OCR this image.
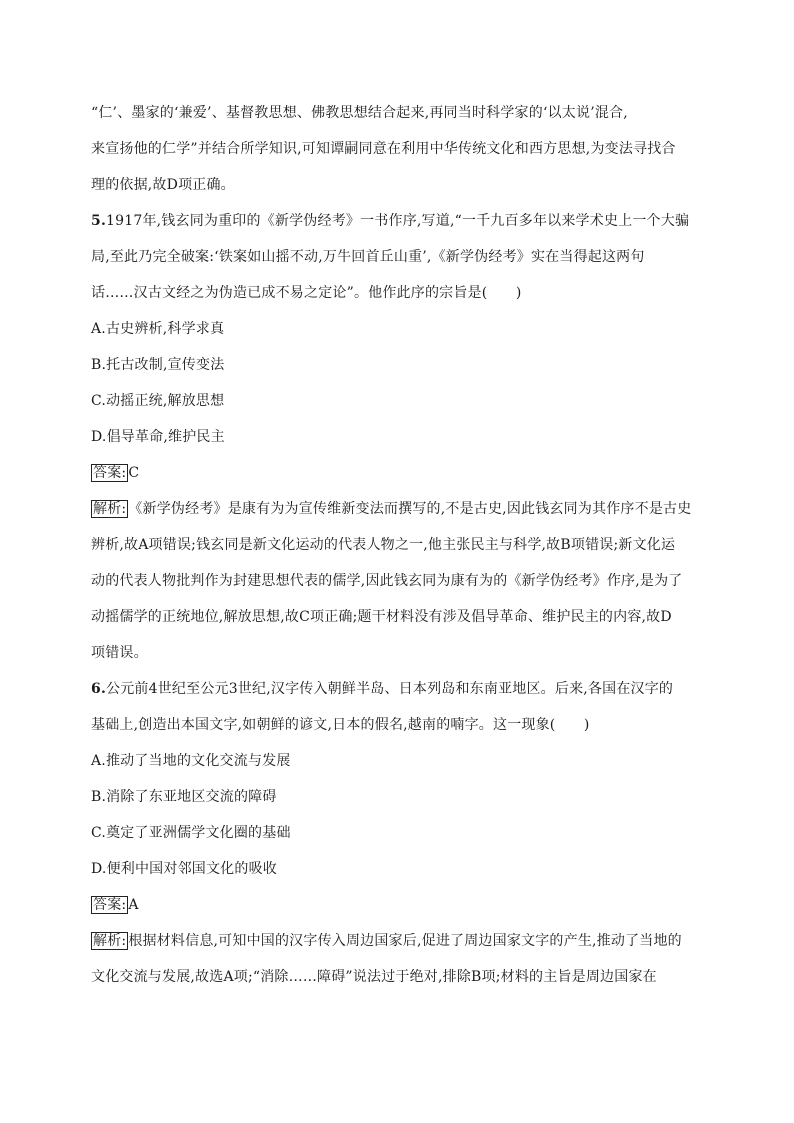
“仁’、墨家的‘兼爱’、基督教思想、佛教思想结合起来,再同当时科学家的‘以太说’混合,
来宣扬他的仁学”并结合所学知识,可知谭嗣同意在利用中华传统文化和西方思想,为变法寻找合
理的依据,故D项正确。
5.1917年,钱玄同为重印的《新学伪经考》一书作序,写道,“一千九百多年以来学术史上一个大骗
局,至此乃完全破案:‘铁案如山摇不动,万牛回首丘山重’,《新学伪经考》实在当得起这两句
话……汉古文经之为伪造已成不易之定论”。他作此序的宗旨是(　　)
A.古史辨析,科学求真
B.托古改制,宣传变法
C.动摇正统,解放思想
D.倡导革命,维护民主
答案: C
解析: 《新学伪经考》是康有为为宣传维新变法而撰写的,不是古史,因此钱玄同为其作序不是古史
辨析,故A项错误;钱玄同是新文化运动的代表人物之一,他主张民主与科学,故B项错误;新文化运
动的代表人物批判作为封建思想代表的儒学,因此钱玄同为康有为的《新学伪经考》作序,是为了
动摇儒学的正统地位,解放思想,故C项正确;题干材料没有涉及倡导革命、维护民主的内容,故D
项错误。
6.公元前4世纪至公元3世纪,汉字传入朝鲜半岛、日本列岛和东南亚地区。后来,各国在汉字的
基础上,创造出本国文字,如朝鲜的谚文,日本的假名,越南的喃字。这一现象(　　)
A.推动了当地的文化交流与发展
B.消除了东亚地区交流的障碍
C.奠定了亚洲儒学文化圈的基础
D.便利中国对邻国文化的吸收
答案: A
解析: 根据材料信息,可知中国的汉字传入周边国家后,促进了周边国家文字的产生,推动了当地的
文化交流与发展,故选A项;“消除……障碍”说法过于绝对,排除B项;材料的主旨是周边国家在
